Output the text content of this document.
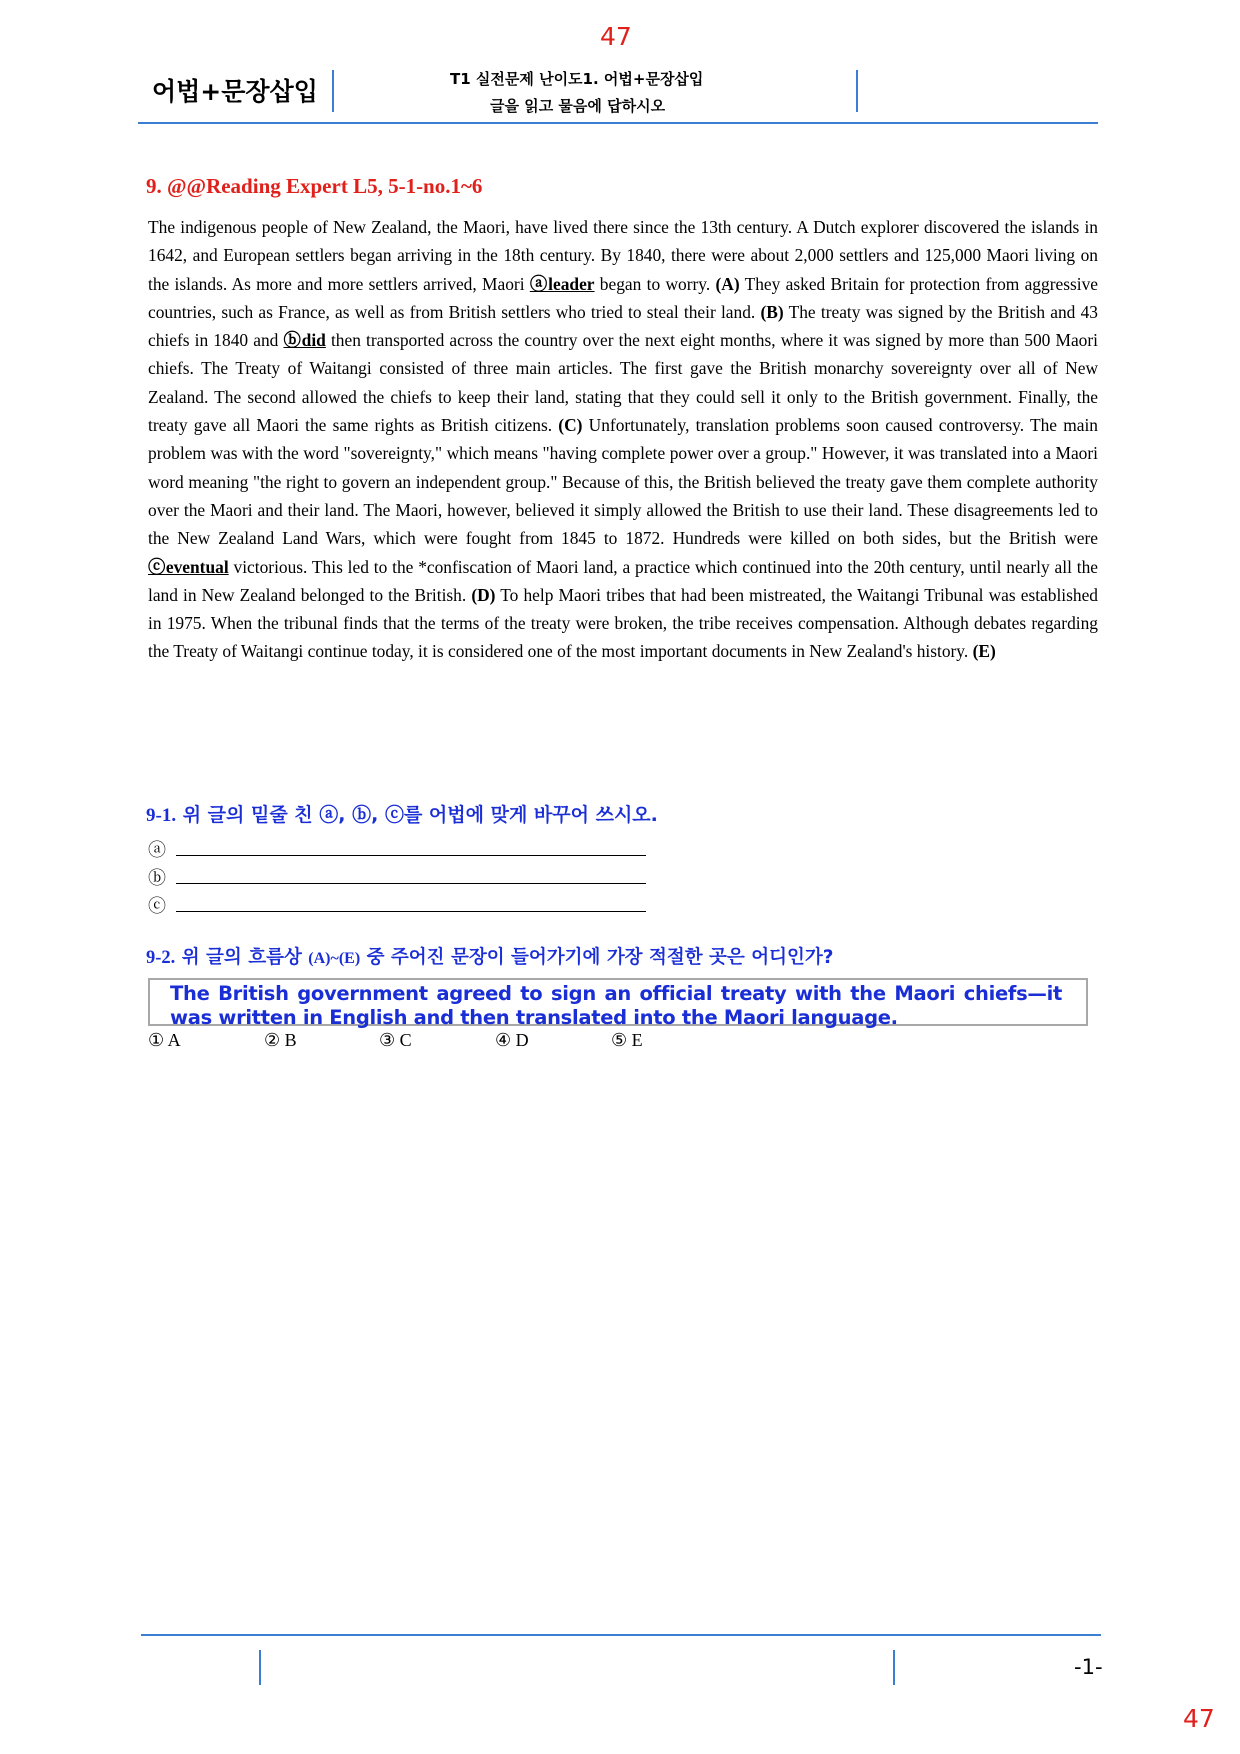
47
어법+문장삽입	T1 실전문제 난이도1. 어법+문장삽입
글을 읽고 물음에 답하시오
9. @@Reading Expert L5, 5-1-no.1~6
The indigenous people of New Zealand, the Maori, have lived there since the 13th century. A Dutch explorer discovered the islands in 1642, and European settlers began arriving in the 18th century. By 1840, there were about 2,000 settlers and 125,000 Maori living on the islands. As more and more settlers arrived, Maori ⓐleader began to worry. (A) They asked Britain for protection from aggressive countries, such as France, as well as from British settlers who tried to steal their land. (B) The treaty was signed by the British and 43 chiefs in 1840 and ⓑdid then transported across the country over the next eight months, where it was signed by more than 500 Maori chiefs. The Treaty of Waitangi consisted of three main articles. The first gave the British monarchy sovereignty over all of New Zealand. The second allowed the chiefs to keep their land, stating that they could sell it only to the British government. Finally, the treaty gave all Maori the same rights as British citizens. (C) Unfortunately, translation problems soon caused controversy. The main problem was with the word "sovereignty," which means "having complete power over a group." However, it was translated into a Maori word meaning "the right to govern an independent group." Because of this, the British believed the treaty gave them complete authority over the Maori and their land. The Maori, however, believed it simply allowed the British to use their land. These disagreements led to the New Zealand Land Wars, which were fought from 1845 to 1872. Hundreds were killed on both sides, but the British were ⓒeventual victorious. This led to the *confiscation of Maori land, a practice which continued into the 20th century, until nearly all the land in New Zealand belonged to the British. (D) To help Maori tribes that had been mistreated, the Waitangi Tribunal was established in 1975. When the tribunal finds that the terms of the treaty were broken, the tribe receives compensation. Although debates regarding the Treaty of Waitangi continue today, it is considered one of the most important documents in New Zealand's history. (E)
9-1. 위 글의 밑줄 친 ⓐ, ⓑ, ⓒ를 어법에 맞게 바꾸어 쓰시오.
ⓐ
ⓑ
ⓒ
9-2. 위 글의 흐름상 (A)~(E) 중 주어진 문장이 들어가기에 가장 적절한 곳은 어디인가?
The British government agreed to sign an official treaty with the Maori chiefs—it was written in English and then translated into the Maori language.
① A	② B	③ C	④ D	⑤ E
-1-
47
